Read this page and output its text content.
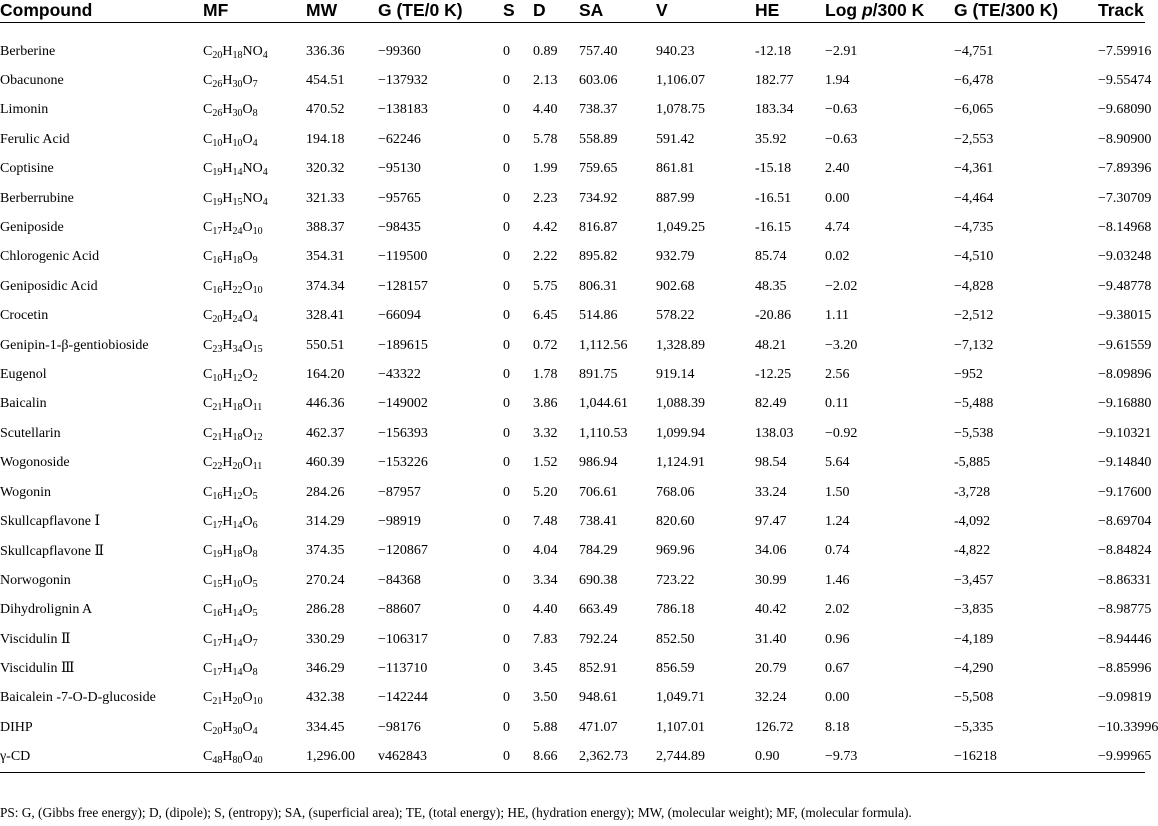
Compound	MF	MW	G (TE/0 K)	S	D	SA	V	HE	Log p/300 K	G (TE/300 K)	Track

Berberine	$C_{20}H_{18}NO_4$	336.36	−99360	0	0.89	757.40	940.23	-12.18	−2.91	−4,751	−7.59916
Obacunone	$C_{26}H_{30}O_7$	454.51	−137932	0	2.13	603.06	1,106.07	182.77	1.94	−6,478	−9.55474
Limonin	$C_{26}H_{30}O_8$	470.52	−138183	0	4.40	738.37	1,078.75	183.34	−0.63	−6,065	−9.68090
Ferulic Acid	$C_{10}H_{10}O_4$	194.18	−62246	0	5.78	558.89	591.42	35.92	−0.63	−2,553	−8.90900
Coptisine	$C_{19}H_{14}NO_4$	320.32	−95130	0	1.99	759.65	861.81	-15.18	2.40	−4,361	−7.89396
Berberrubine	$C_{19}H_{15}NO_4$	321.33	−95765	0	2.23	734.92	887.99	-16.51	0.00	−4,464	−7.30709
Geniposide	$C_{17}H_{24}O_{10}$	388.37	−98435	0	4.42	816.87	1,049.25	-16.15	4.74	−4,735	−8.14968
Chlorogenic Acid	$C_{16}H_{18}O_9$	354.31	−119500	0	2.22	895.82	932.79	85.74	0.02	−4,510	−9.03248
Geniposidic Acid	$C_{16}H_{22}O_{10}$	374.34	−128157	0	5.75	806.31	902.68	48.35	−2.02	−4,828	−9.48778
Crocetin	$C_{20}H_{24}O_4$	328.41	−66094	0	6.45	514.86	578.22	-20.86	1.11	−2,512	−9.38015
Genipin-1-β-gentiobioside	$C_{23}H_{34}O_{15}$	550.51	−189615	0	0.72	1,112.56	1,328.89	48.21	−3.20	−7,132	−9.61559
Eugenol	$C_{10}H_{12}O_2$	164.20	−43322	0	1.78	891.75	919.14	-12.25	2.56	−952	−8.09896
Baicalin	$C_{21}H_{18}O_{11}$	446.36	−149002	0	3.86	1,044.61	1,088.39	82.49	0.11	−5,488	−9.16880
Scutellarin	$C_{21}H_{18}O_{12}$	462.37	−156393	0	3.32	1,110.53	1,099.94	138.03	−0.92	−5,538	−9.10321
Wogonoside	$C_{22}H_{20}O_{11}$	460.39	−153226	0	1.52	986.94	1,124.91	98.54	5.64	-5,885	−9.14840
Wogonin	$C_{16}H_{12}O_5$	284.26	−87957	0	5.20	706.61	768.06	33.24	1.50	-3,728	−9.17600
Skullcapflavone Ⅰ	$C_{17}H_{14}O_6$	314.29	−98919	0	7.48	738.41	820.60	97.47	1.24	-4,092	−8.69704
Skullcapflavone Ⅱ	$C_{19}H_{18}O_8$	374.35	−120867	0	4.04	784.29	969.96	34.06	0.74	-4,822	−8.84824
Norwogonin	$C_{15}H_{10}O_5$	270.24	−84368	0	3.34	690.38	723.22	30.99	1.46	−3,457	−8.86331
Dihydrolignin A	$C_{16}H_{14}O_5$	286.28	−88607	0	4.40	663.49	786.18	40.42	2.02	−3,835	−8.98775
Viscidulin Ⅱ	$C_{17}H_{14}O_7$	330.29	−106317	0	7.83	792.24	852.50	31.40	0.96	−4,189	−8.94446
Viscidulin Ⅲ	$C_{17}H_{14}O_8$	346.29	−113710	0	3.45	852.91	856.59	20.79	0.67	−4,290	−8.85996
Baicalein -7-O-D-glucoside	$C_{21}H_{20}O_{10}$	432.38	−142244	0	3.50	948.61	1,049.71	32.24	0.00	−5,508	−9.09819
DIHP	$C_{20}H_{30}O_4$	334.45	−98176	0	5.88	471.07	1,107.01	126.72	8.18	−5,335	−10.33996
γ-CD	$C_{48}H_{80}O_{40}$	1,296.00	v462843	0	8.66	2,362.73	2,744.89	0.90	−9.73	−16218	−9.99965
PS: G, (Gibbs free energy); D, (dipole); S, (entropy); SA, (superficial area); TE, (total energy); HE, (hydration energy); MW, (molecular weight); MF, (molecular formula).
